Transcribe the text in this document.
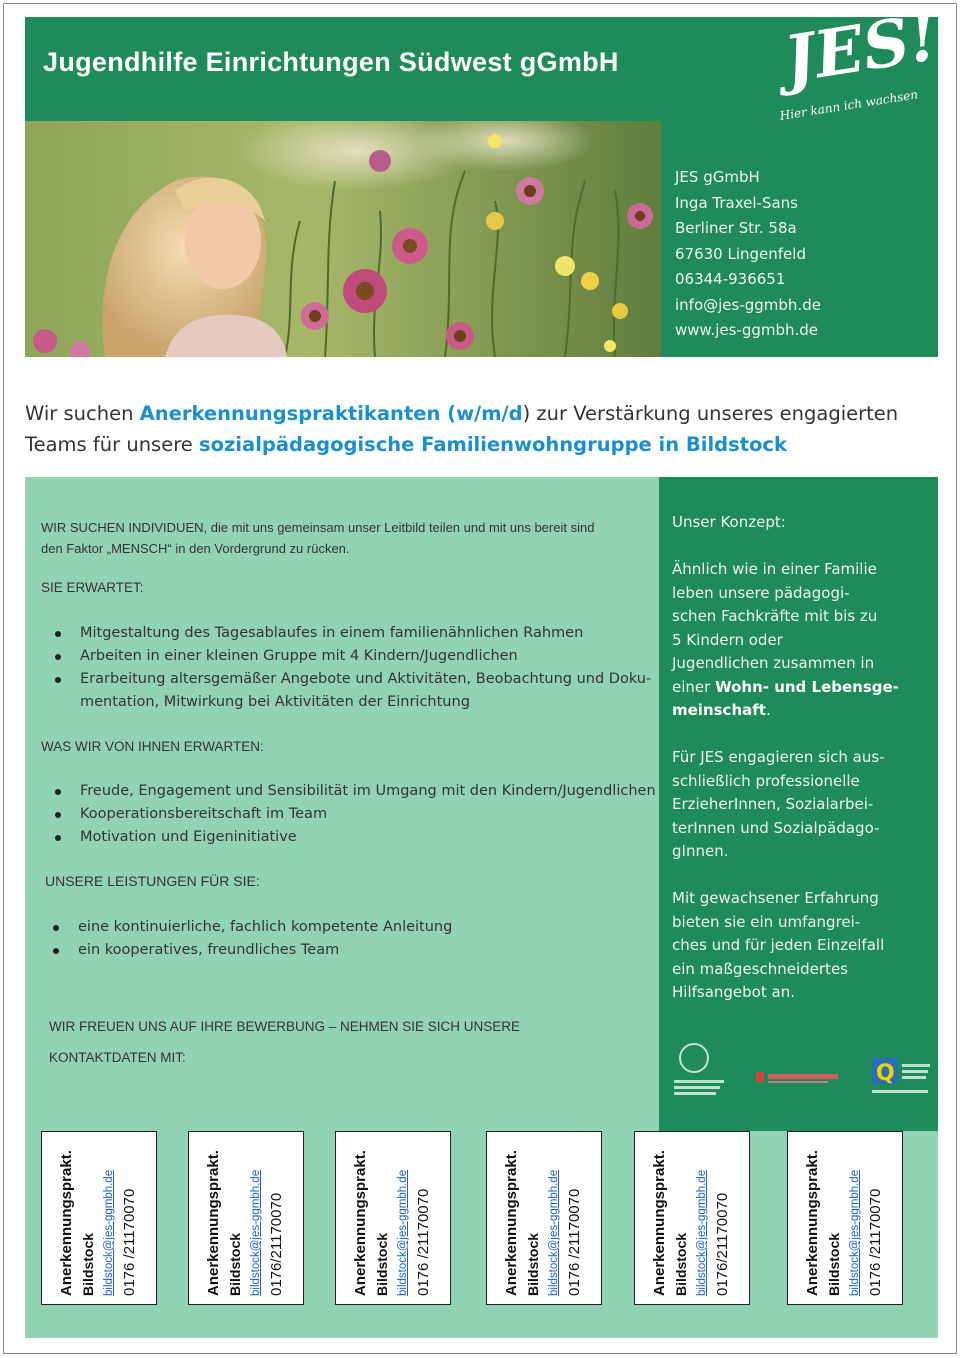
Jugendhilfe Einrichtungen Südwest gGmbH	JES!
Hier kann ich wachsen
JES gGmbH
Inga Traxel-Sans
Berliner Str. 58a
67630 Lingenfeld
06344-936651
info@jes-ggmbh.de
www.jes-ggmbh.de
Wir suchen Anerkennungspraktikanten (w/m/d) zur Verstärkung unseres engagierten
Teams für unsere sozialpädagogische Familienwohngruppe in Bildstock

WIR SUCHEN INDIVIDUEN, die mit uns gemeinsam unser Leitbild teilen und mit uns bereit sind

den Faktor „MENSCH“ in den Vordergrund zu rücken.

SIE ERWARTET:
Mitgestaltung des Tagesablaufes in einem familienähnlichen Rahmen
Arbeiten in einer kleinen Gruppe mit 4 Kindern/Jugendlichen
Erarbeitung altersgemäßer Angebote und Aktivitäten, Beobachtung und Doku-
mentation, Mitwirkung bei Aktivitäten der Einrichtung
WAS WIR VON IHNEN ERWARTEN:
Freude, Engagement und Sensibilität im Umgang mit den Kindern/Jugendlichen
Kooperationsbereitschaft im Team
Motivation und Eigeninitiative
UNSERE LEISTUNGEN FÜR SIE:
eine kontinuierliche, fachlich kompetente Anleitung
ein kooperatives, freundliches Team
WIR FREUEN UNS AUF IHRE BEWERBUNG – NEHMEN SIE SICH UNSERE
KONTAKTDATEN MIT:
Unser Konzept:
Ähnlich wie in einer Familie
leben unsere pädagogi-
schen Fachkräfte mit bis zu
5 Kindern oder
Jugendlichen zusammen in
einer Wohn- und Lebensge-
meinschaft.
Für JES engagieren sich aus-
schließlich professionelle
ErzieherInnen, Sozialarbei-
terInnen und Sozialpädago-
gInnen.
Mit gewachsener Erfahrung
bieten sie ein umfangrei-
ches und für jeden Einzelfall
ein maßgeschneidertes
Hilfsangebot an.
Q
Anerkennungsprakt. Bildstock bildstock@jes-ggmbh.de 0176 /21170070	Anerkennungsprakt. Bildstock bildstock@jes-ggmbh.de 0176/21170070	Anerkennungsprakt. Bildstock bildstock@jes-ggmbh.de 0176 /21170070	Anerkennungsprakt. Bildstock bildstock@jes-ggmbh.de 0176 /21170070	Anerkennungsprakt. Bildstock bildstock@jes-ggmbh.de 0176/21170070	Anerkennungsprakt. Bildstock bildstock@jes-ggmbh.de 0176 /21170070
